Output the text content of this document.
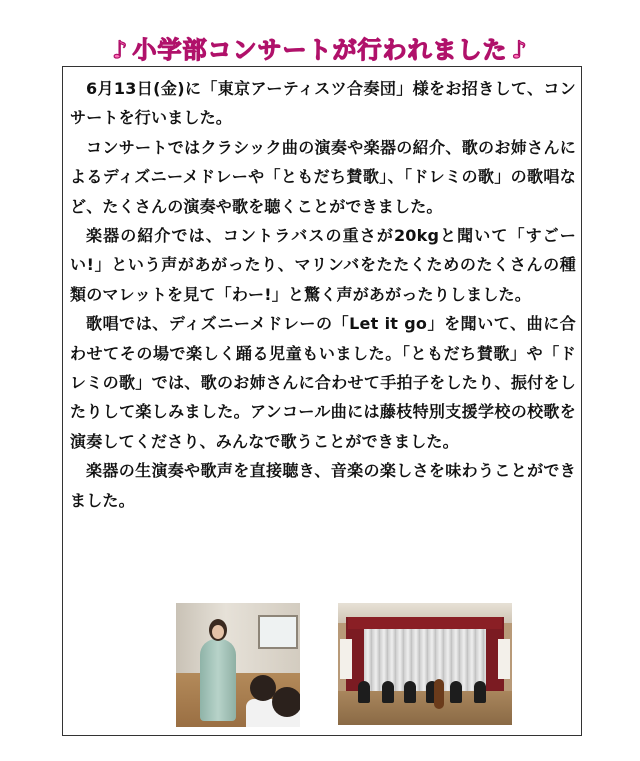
♪ 小学部コンサートが行われました ♪

6月13日(金)に「東京アーティスツ合奏団」様をお招きして、コンサートを行いました。

コンサートではクラシック曲の演奏や楽器の紹介、歌のお姉さんによるディズニーメドレーや「ともだち賛歌」、「ドレミの歌」の歌唱など、たくさんの演奏や歌を聴くことができました。

楽器の紹介では、コントラバスの重さが20kgと聞いて「すごーい!」という声があがったり、マリンバをたたくためのたくさんの種類のマレットを見て「わー!」と驚く声があがったりしました。

歌唱では、ディズニーメドレーの「Let it go」を聞いて、曲に合わせてその場で楽しく踊る児童もいました。「ともだち賛歌」や「ドレミの歌」では、歌のお姉さんに合わせて手拍子をしたり、振付をしたりして楽しみました。アンコール曲には藤枝特別支援学校の校歌を演奏してくださり、みんなで歌うことができました。

楽器の生演奏や歌声を直接聴き、音楽の楽しさを味わうことができました。
